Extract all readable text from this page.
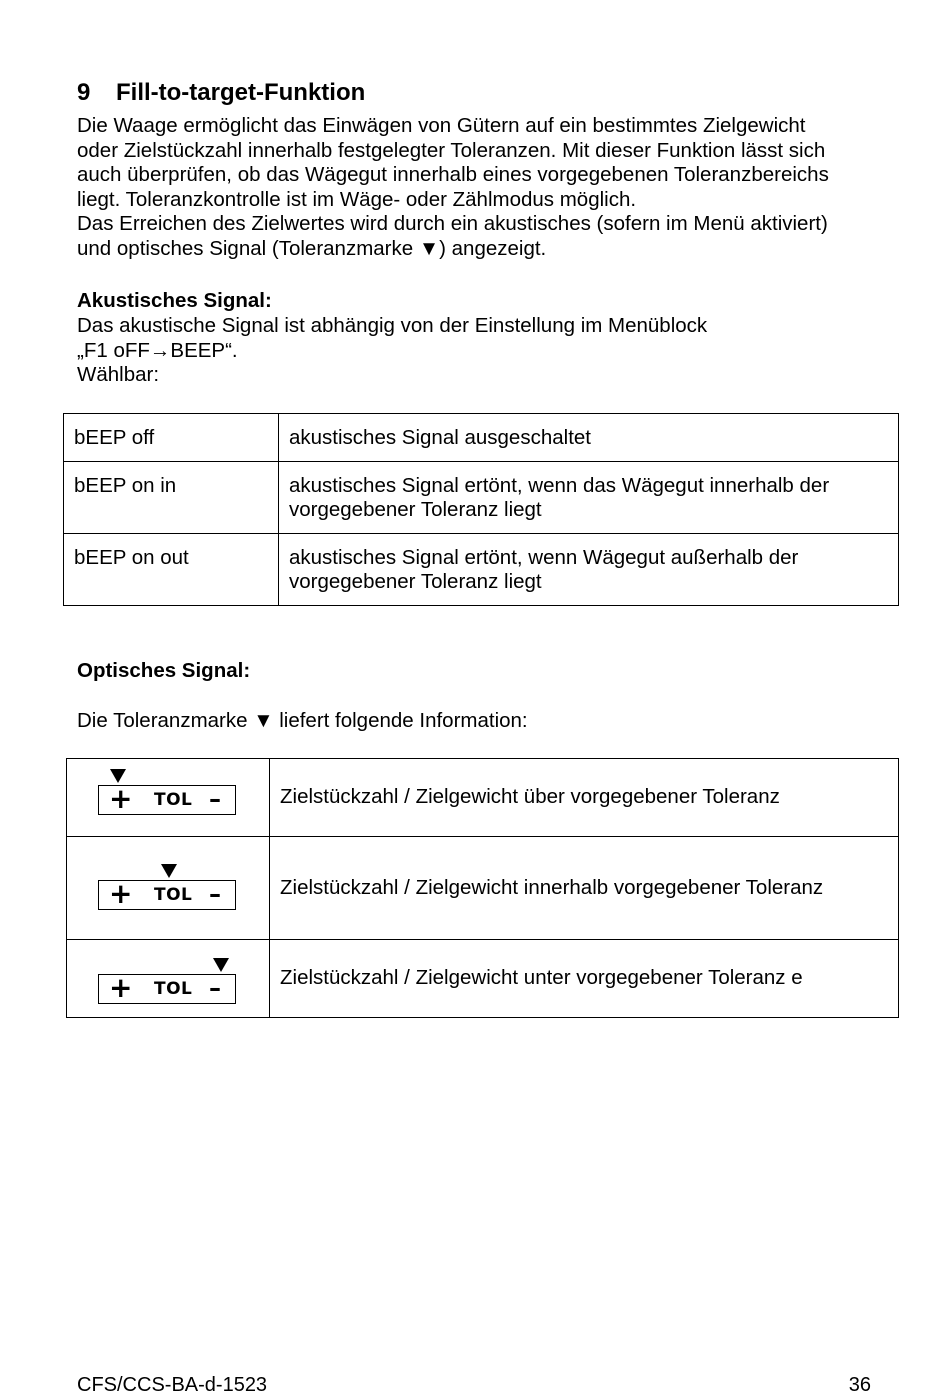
9 Fill-to-target-Funktion
Die Waage ermöglicht das Einwägen von Gütern auf ein bestimmtes Zielgewicht
oder Zielstückzahl innerhalb festgelegter Toleranzen. Mit dieser Funktion lässt sich
auch überprüfen, ob das Wägegut innerhalb eines vorgegebenen Toleranzbereichs
liegt. Toleranzkontrolle ist im Wäge- oder Zählmodus möglich.
Das Erreichen des Zielwertes wird durch ein akustisches (sofern im Menü aktiviert)
und optisches Signal (Toleranzmarke ▼) angezeigt.
Akustisches Signal:
Das akustische Signal ist abhängig von der Einstellung im Menüblock
„F1 oFF→BEEP“.
Wählbar:
bEEP off	akustisches Signal ausgeschaltet
bEEP on in	akustisches Signal ertönt, wenn das Wägegut innerhalb der vorgegebener Toleranz liegt
bEEP on out	akustisches Signal ertönt, wenn Wägegut außerhalb der vorgegebener Toleranz liegt
Optisches Signal:
Die Toleranzmarke ▼ liefert folgende Information:
+ TOL –	Zielstückzahl / Zielgewicht über vorgegebener Toleranz

+ TOL –	Zielstückzahl / Zielgewicht innerhalb vorgegebener Toleranz

+ TOL –	Zielstückzahl / Zielgewicht unter vorgegebener Toleranz e
CFS/CCS-BA-d-1523	36
